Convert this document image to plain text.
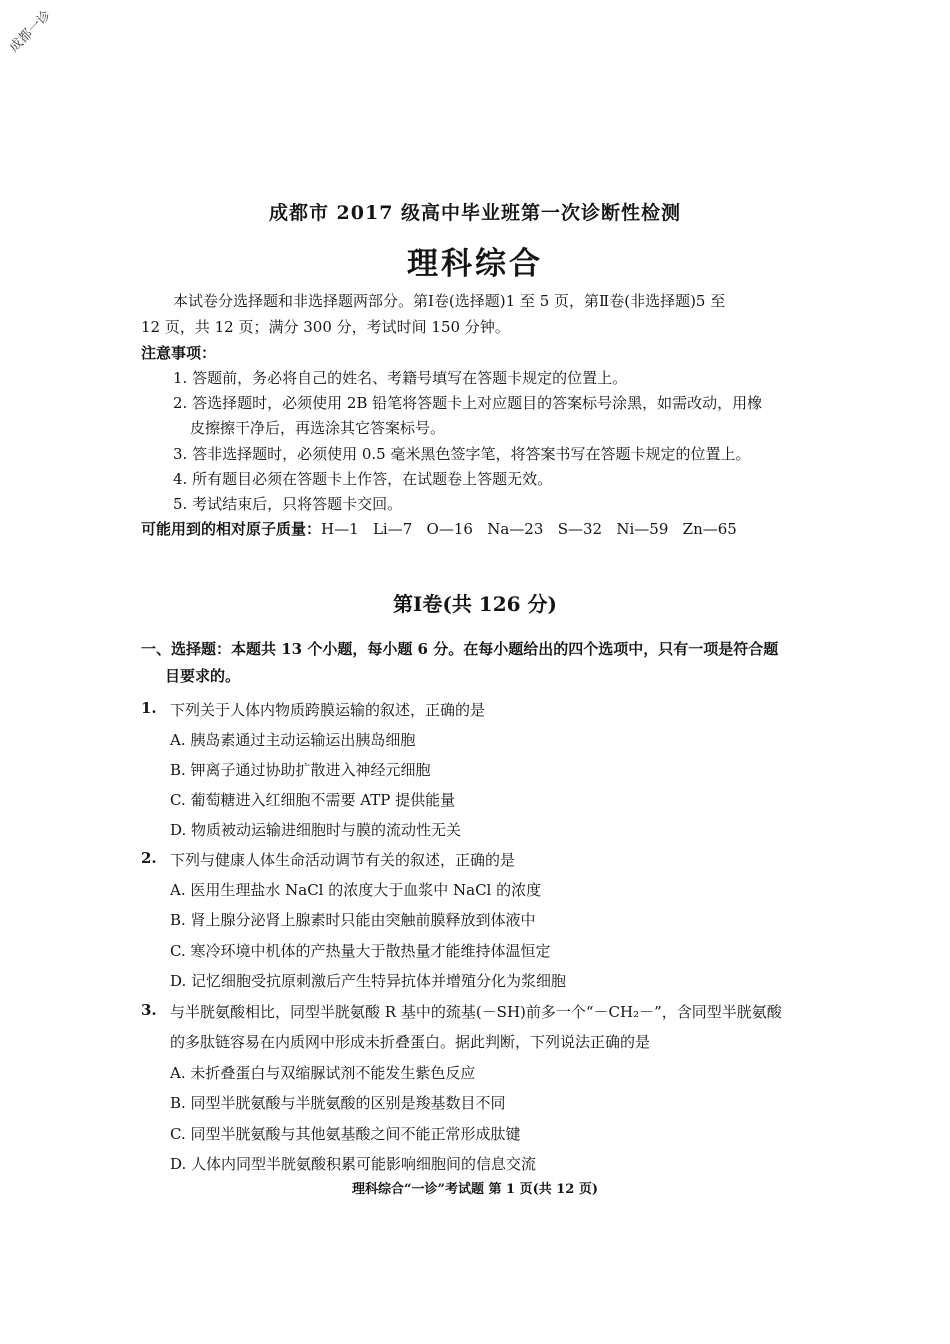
成都一诊
成都市 2017 级高中毕业班第一次诊断性检测
理科综合
本试卷分选择题和非选择题两部分。第Ⅰ卷(选择题)1 至 5 页，第Ⅱ卷(非选择题)5 至
12 页，共 12 页；满分 300 分，考试时间 150 分钟。
注意事项：
1. 答题前，务必将自己的姓名、考籍号填写在答题卡规定的位置上。
2. 答选择题时，必须使用 2B 铅笔将答题卡上对应题目的答案标号涂黑，如需改动，用橡
皮擦擦干净后，再选涂其它答案标号。
3. 答非选择题时，必须使用 0.5 毫米黑色签字笔，将答案书写在答题卡规定的位置上。
4. 所有题目必须在答题卡上作答，在试题卷上答题无效。
5. 考试结束后，只将答题卡交回。
可能用到的相对原子质量：H—1   Li—7   O—16   Na—23   S—32   Ni—59   Zn—65
第Ⅰ卷(共 126 分)
一、选择题：本题共 13 个小题，每小题 6 分。在每小题给出的四个选项中，只有一项是符合题
目要求的。
1. 下列关于人体内物质跨膜运输的叙述，正确的是
A. 胰岛素通过主动运输运出胰岛细胞
B. 钾离子通过协助扩散进入神经元细胞
C. 葡萄糖进入红细胞不需要 ATP 提供能量
D. 物质被动运输进细胞时与膜的流动性无关
2. 下列与健康人体生命活动调节有关的叙述，正确的是
A. 医用生理盐水 NaCl 的浓度大于血浆中 NaCl 的浓度
B. 肾上腺分泌肾上腺素时只能由突触前膜释放到体液中
C. 寒冷环境中机体的产热量大于散热量才能维持体温恒定
D. 记忆细胞受抗原刺激后产生特异抗体并增殖分化为浆细胞
3. 与半胱氨酸相比，同型半胱氨酸 R 基中的巯基(－SH)前多一个“－CH₂－”，含同型半胱氨酸
的多肽链容易在内质网中形成未折叠蛋白。据此判断，下列说法正确的是
A. 未折叠蛋白与双缩脲试剂不能发生紫色反应
B. 同型半胱氨酸与半胱氨酸的区别是羧基数目不同
C. 同型半胱氨酸与其他氨基酸之间不能正常形成肽键
D. 人体内同型半胱氨酸积累可能影响细胞间的信息交流
理科综合“一诊”考试题 第 1 页(共 12 页)
